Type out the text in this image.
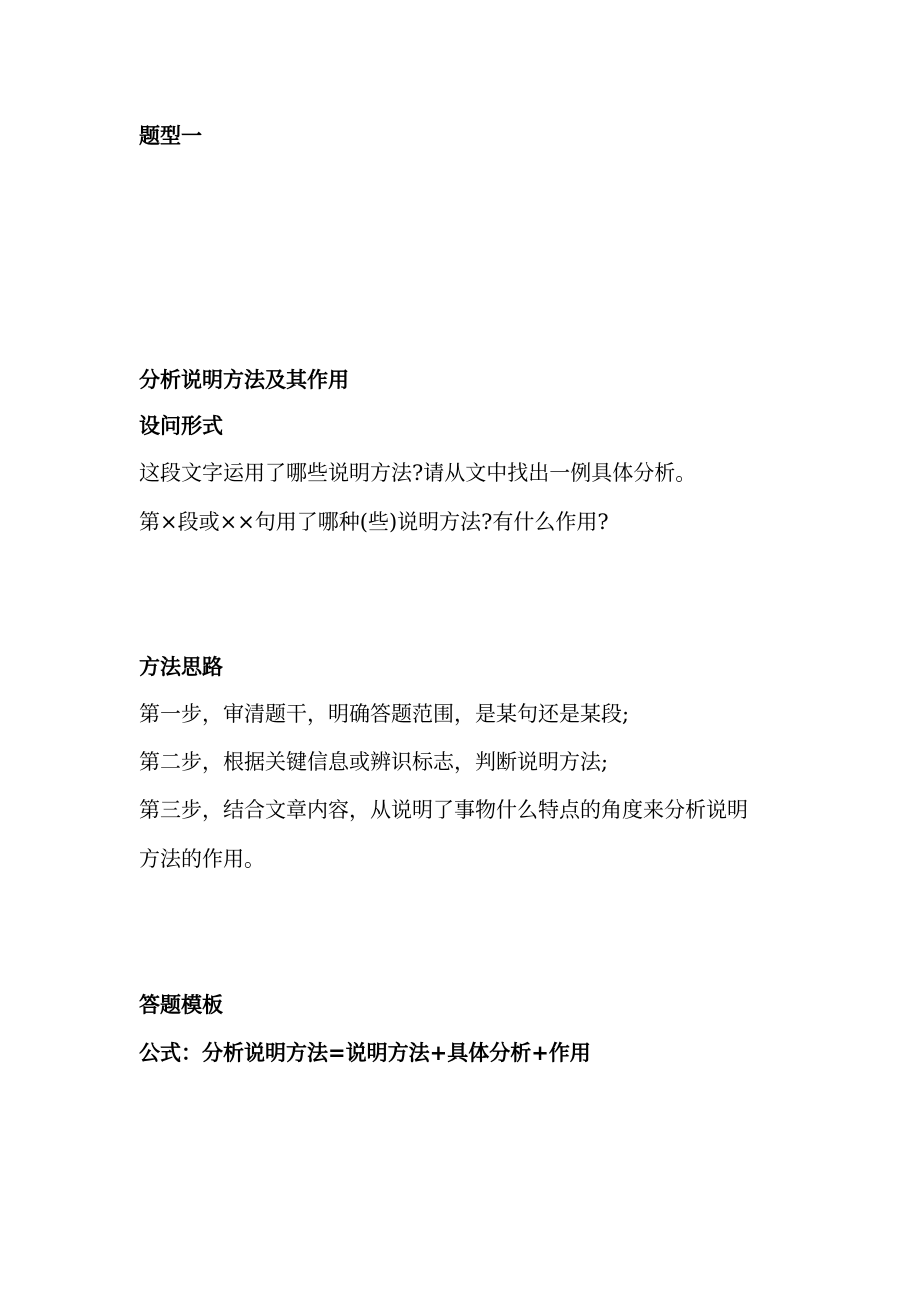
题型一
分析说明方法及其作用
设问形式
这段文字运用了哪些说明方法?请从文中找出一例具体分析。
第×段或××句用了哪种(些)说明方法?有什么作用?
方法思路
第一步，审清题干，明确答题范围，是某句还是某段;
第二步，根据关键信息或辨识标志，判断说明方法;
第三步，结合文章内容，从说明了事物什么特点的角度来分析说明
方法的作用。
答题模板
公式：分析说明方法=说明方法+具体分析+作用
